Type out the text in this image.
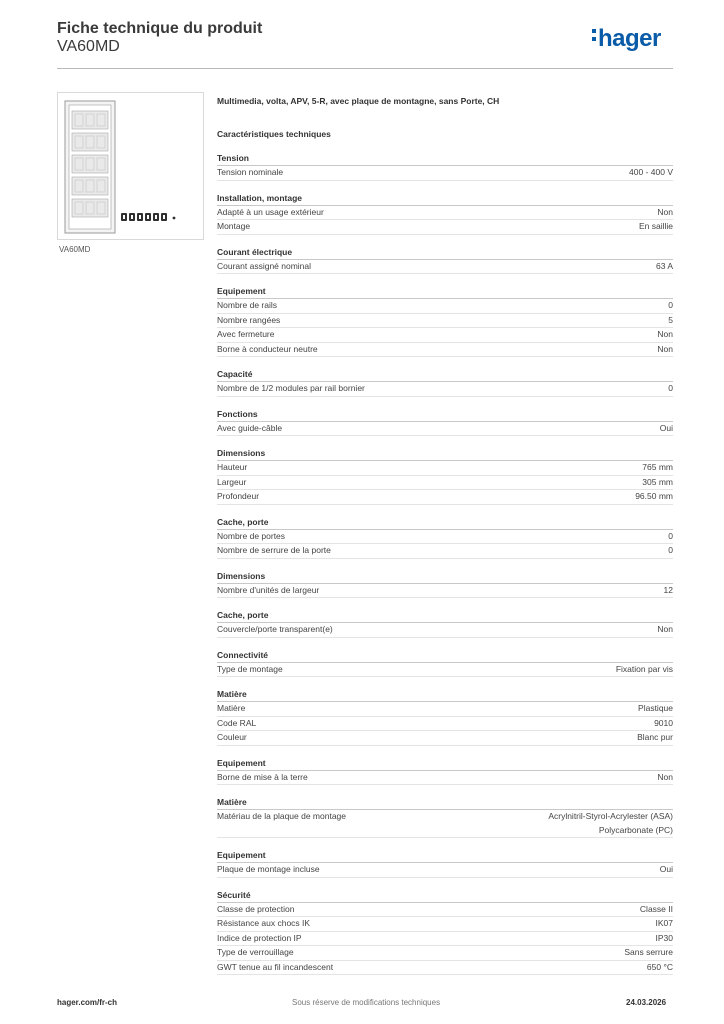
Fiche technique du produit
VA60MD	hager
VA60MD
Multimedia, volta, APV, 5-R, avec plaque de montagne, sans Porte, CH
Caractéristiques techniques
Tension
Tension nominale	400 - 400 V
Installation, montage
Adapté à un usage extérieur	Non
Montage	En saillie
Courant électrique
Courant assigné nominal	63 A
Equipement
Nombre de rails	0
Nombre rangées	5
Avec fermeture	Non
Borne à conducteur neutre	Non
Capacité
Nombre de 1/2 modules par rail bornier	0
Fonctions
Avec guide-câble	Oui
Dimensions
Hauteur	765 mm
Largeur	305 mm
Profondeur	96.50 mm
Cache, porte
Nombre de portes	0
Nombre de serrure de la porte	0
Dimensions
Nombre d'unités de largeur	12
Cache, porte
Couvercle/porte transparent(e)	Non
Connectivité
Type de montage	Fixation par vis
Matière
Matière	Plastique
Code RAL	9010
Couleur	Blanc pur
Equipement
Borne de mise à la terre	Non
Matière
Matériau de la plaque de montage	Acrylnitril-Styrol-Acrylester (ASA)
Polycarbonate (PC)
Equipement
Plaque de montage incluse	Oui
Sécurité
Classe de protection	Classe II
Résistance aux chocs IK	IK07
Indice de protection IP	IP30
Type de verrouillage	Sans serrure
GWT tenue au fil incandescent	650 °C
hager.com/fr-ch	Sous réserve de modifications techniques	24.03.2026
